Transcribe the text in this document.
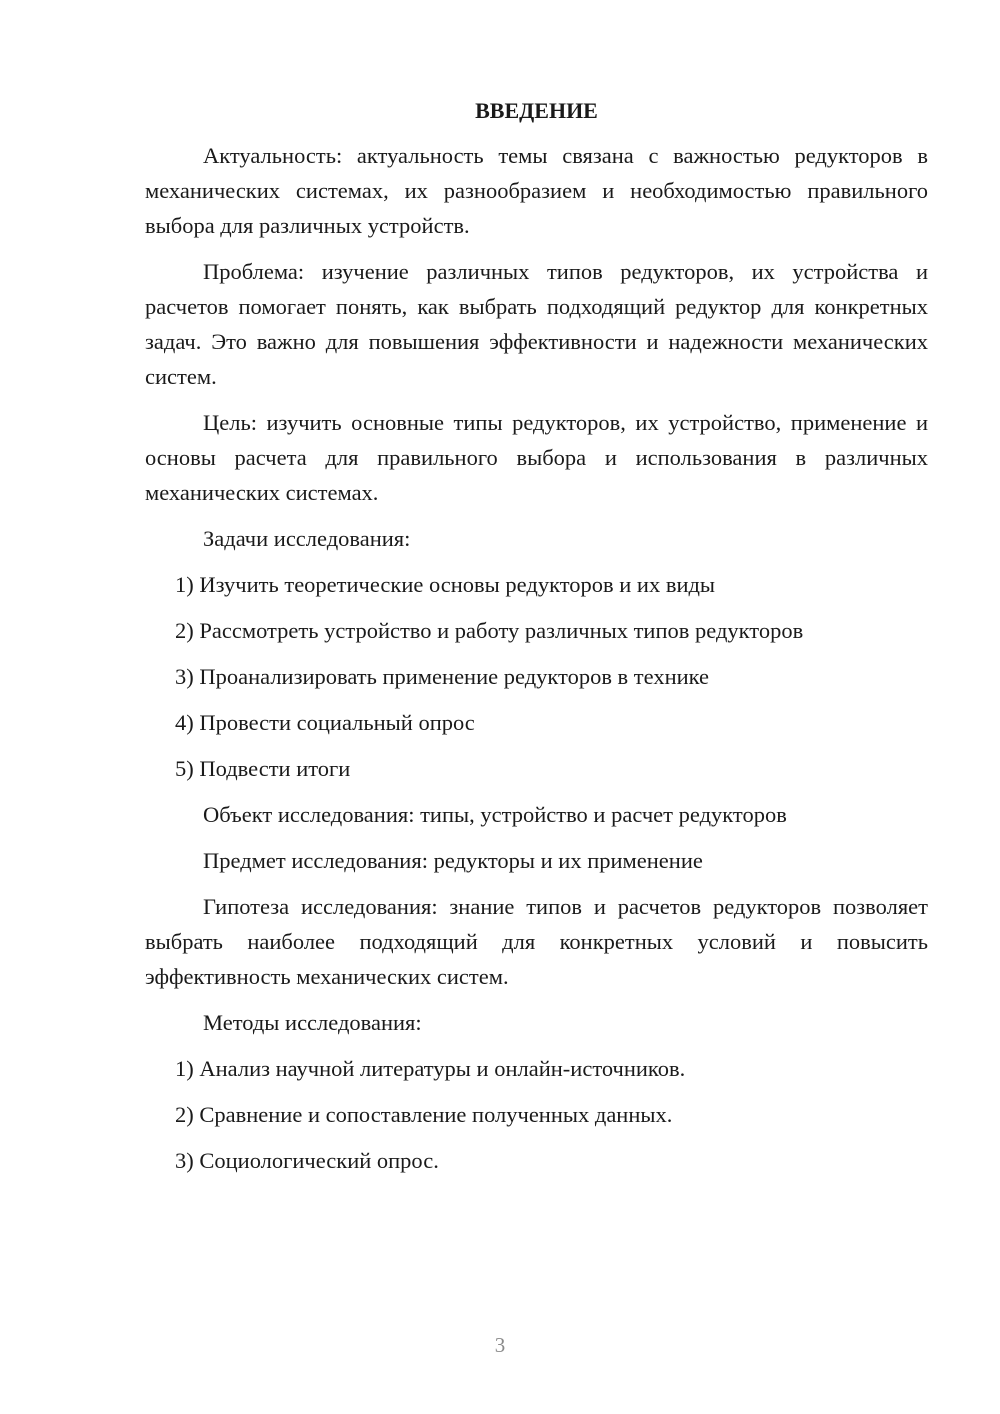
ВВЕДЕНИЕ

Актуальность: актуальность темы связана с важностью редукторов в механических системах, их разнообразием и необходимостью правильного выбора для различных устройств.

Проблема: изучение различных типов редукторов, их устройства и расчетов помогает понять, как выбрать подходящий редуктор для конкретных задач. Это важно для повышения эффективности и надежности механических систем.

Цель: изучить основные типы редукторов, их устройство, применение и основы расчета для правильного выбора и использования в различных механических системах.

Задачи исследования:

1) Изучить теоретические основы редукторов и их виды
2) Рассмотреть устройство и работу различных типов редукторов
3) Проанализировать применение редукторов в технике
4) Провести социальный опрос
5) Подвести итоги

Объект исследования: типы, устройство и расчет редукторов

Предмет исследования: редукторы и их применение

Гипотеза исследования: знание типов и расчетов редукторов позволяет выбрать наиболее подходящий для конкретных условий и повысить эффективность механических систем.

Методы исследования:

1) Анализ научной литературы и онлайн-источников.
2) Сравнение и сопоставление полученных данных.
3) Социологический опрос.
3
